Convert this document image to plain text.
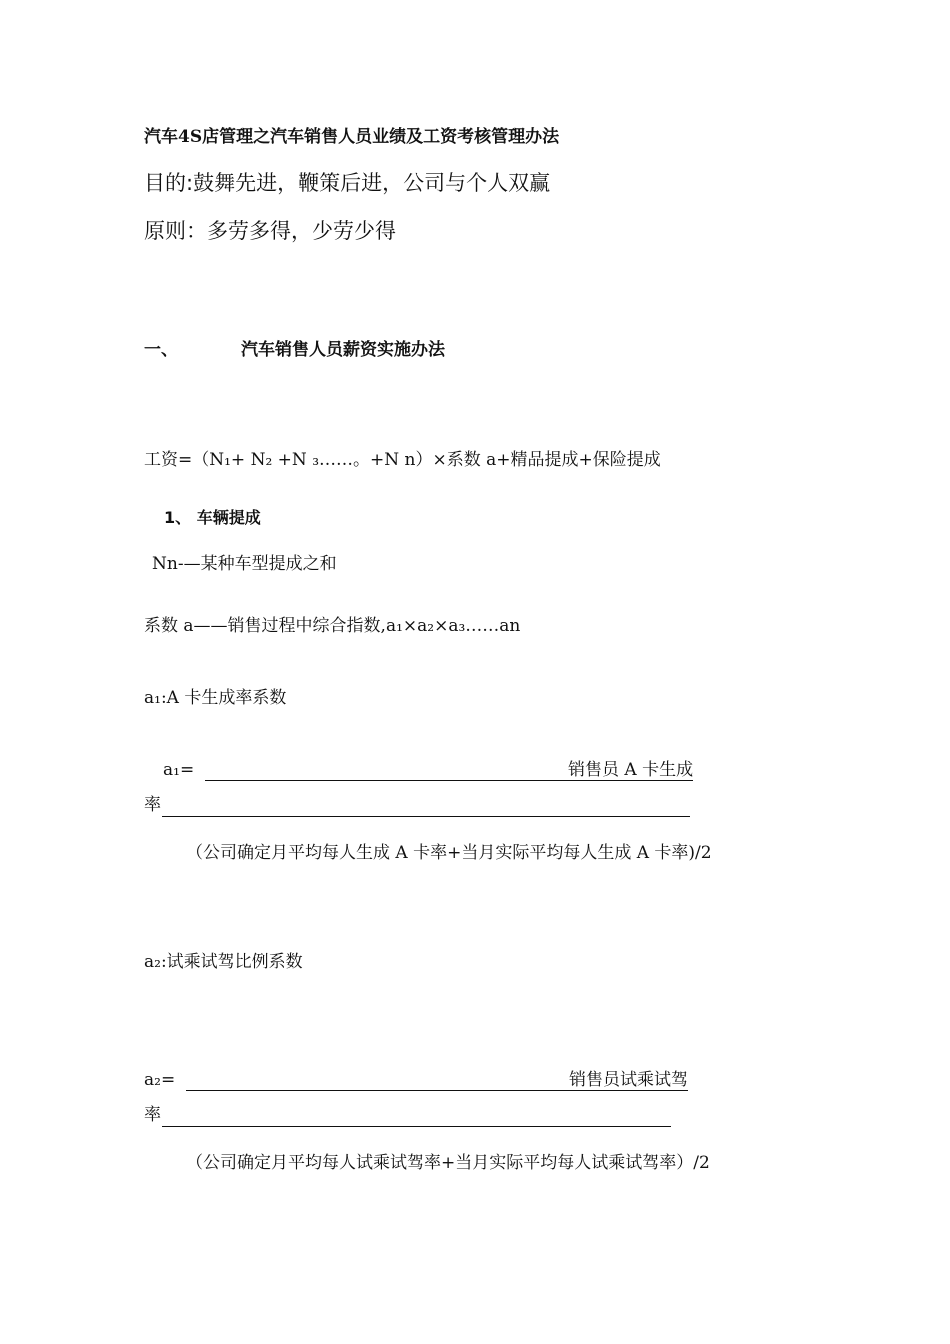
汽车4S店管理之汽车销售人员业绩及工资考核管理办法
目的:鼓舞先进，鞭策后进，公司与个人双赢
原则：多劳多得，少劳少得
一、	汽车销售人员薪资实施办法
工资=（N₁+ N₂ +N ₃……。+N n）×系数 a+精品提成+保险提成
1、 车辆提成
Nn-—某种车型提成之和
系数 a——销售过程中综合指数,a₁×a₂×a₃……an
a₁:A 卡生成率系数
a₁=	销售员 A 卡生成
率
（公司确定月平均每人生成 A 卡率+当月实际平均每人生成 A 卡率)/2
a₂:试乘试驾比例系数
a₂=	销售员试乘试驾
率
（公司确定月平均每人试乘试驾率+当月实际平均每人试乘试驾率）/2
